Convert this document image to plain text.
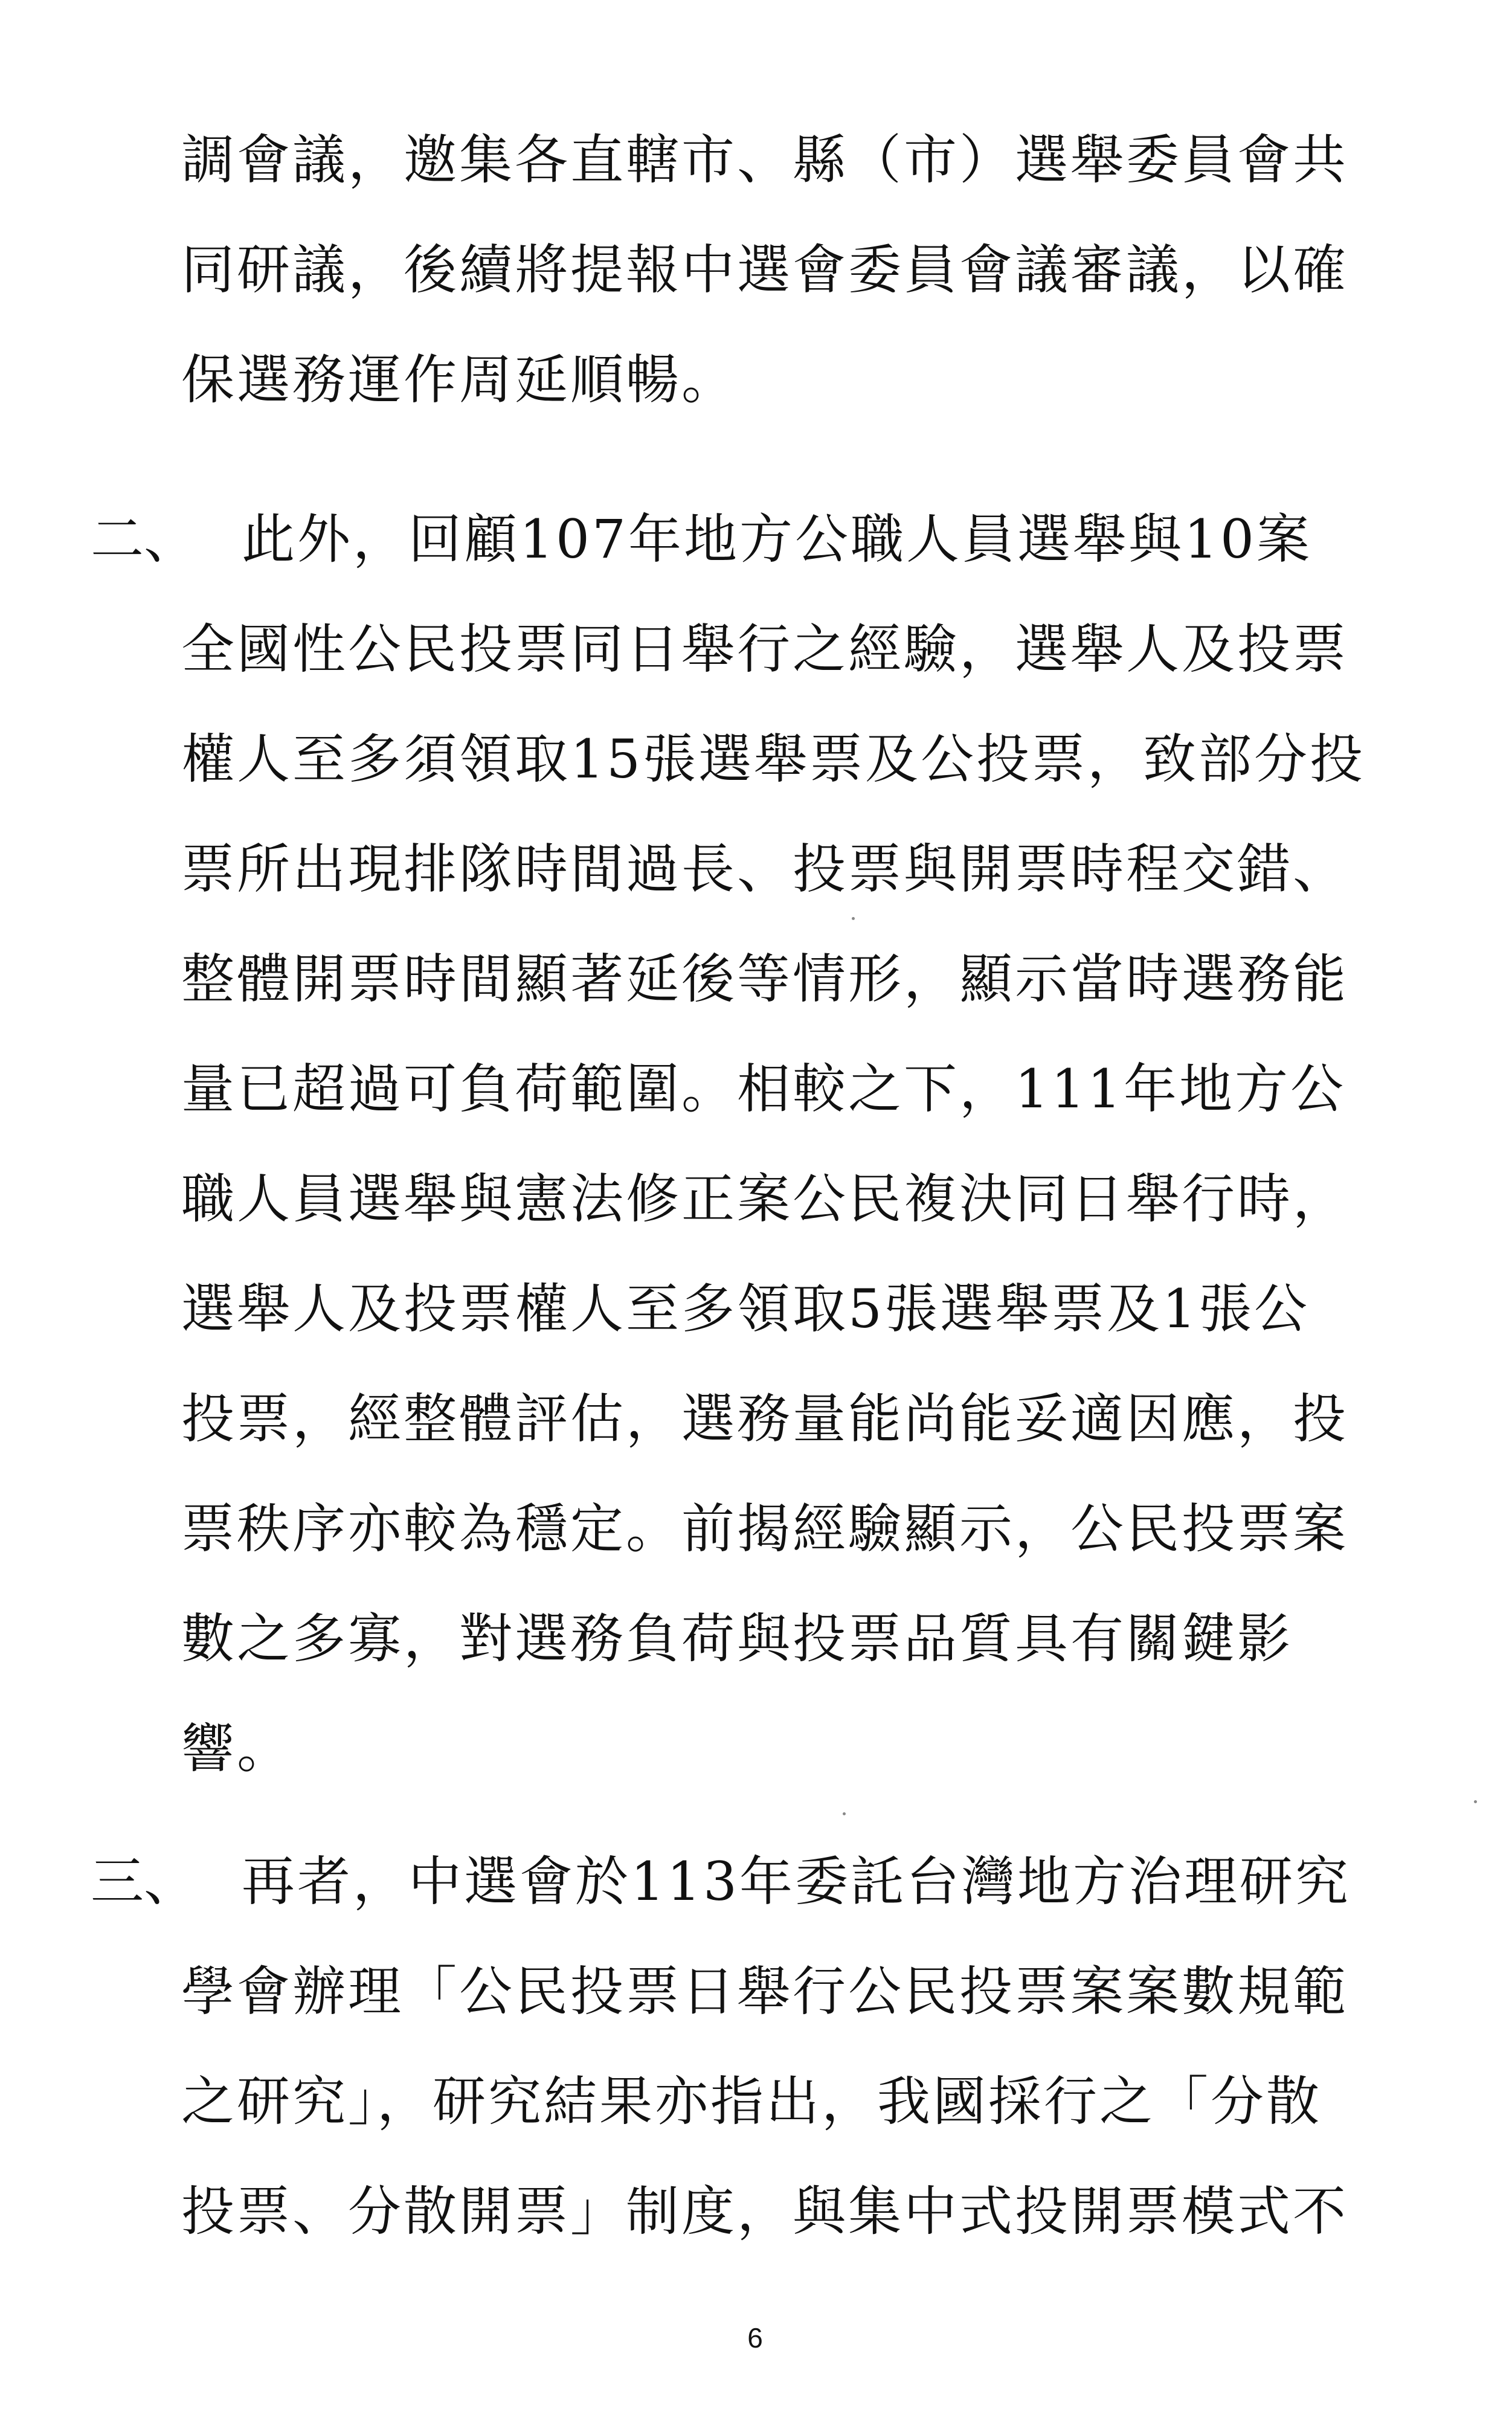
調會議，邀集各直轄市、縣（市）選舉委員會共
同研議，後續將提報中選會委員會議審議，以確
保選務運作周延順暢。
二、 此外，回顧107年地方公職人員選舉與10案
全國性公民投票同日舉行之經驗，選舉人及投票
權人至多須領取15張選舉票及公投票，致部分投
票所出現排隊時間過長、投票與開票時程交錯、
整體開票時間顯著延後等情形，顯示當時選務能
量已超過可負荷範圍。相較之下，111年地方公
職人員選舉與憲法修正案公民複決同日舉行時，
選舉人及投票權人至多領取5張選舉票及1張公
投票，經整體評估，選務量能尚能妥適因應，投
票秩序亦較為穩定。前揭經驗顯示，公民投票案
數之多寡，對選務負荷與投票品質具有關鍵影
響。
三、 再者，中選會於113年委託台灣地方治理研究
學會辦理「公民投票日舉行公民投票案案數規範
之研究」，研究結果亦指出，我國採行之「分散
投票、分散開票」制度，與集中式投開票模式不
6
